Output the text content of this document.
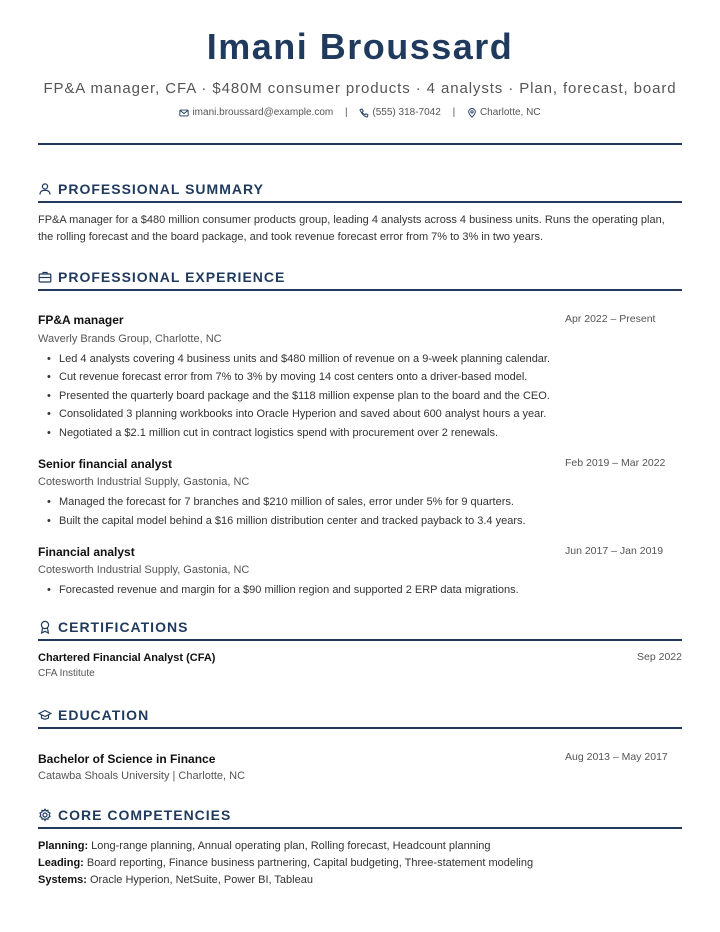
Imani Broussard
FP&A manager, CFA · $480M consumer products · 4 analysts · Plan, forecast, board
imani.broussard@example.com | (555) 318-7042 | Charlotte, NC
PROFESSIONAL SUMMARY
FP&A manager for a $480 million consumer products group, leading 4 analysts across 4 business units. Runs the operating plan, the rolling forecast and the board package, and took revenue forecast error from 7% to 3% in two years.
PROFESSIONAL EXPERIENCE
FP&A manager	Apr 2022 – Present
Waverly Brands Group, Charlotte, NC
• Led 4 analysts covering 4 business units and $480 million of revenue on a 9-week planning calendar.
• Cut revenue forecast error from 7% to 3% by moving 14 cost centers onto a driver-based model.
• Presented the quarterly board package and the $118 million expense plan to the board and the CEO.
• Consolidated 3 planning workbooks into Oracle Hyperion and saved about 600 analyst hours a year.
• Negotiated a $2.1 million cut in contract logistics spend with procurement over 2 renewals.
Senior financial analyst	Feb 2019 – Mar 2022
Cotesworth Industrial Supply, Gastonia, NC
• Managed the forecast for 7 branches and $210 million of sales, error under 5% for 9 quarters.
• Built the capital model behind a $16 million distribution center and tracked payback to 3.4 years.
Financial analyst	Jun 2017 – Jan 2019
Cotesworth Industrial Supply, Gastonia, NC
• Forecasted revenue and margin for a $90 million region and supported 2 ERP data migrations.
CERTIFICATIONS
Chartered Financial Analyst (CFA)	Sep 2022
CFA Institute
EDUCATION
Bachelor of Science in Finance	Aug 2013 – May 2017
Catawba Shoals University | Charlotte, NC
CORE COMPETENCIES
Planning: Long-range planning, Annual operating plan, Rolling forecast, Headcount planning
Leading: Board reporting, Finance business partnering, Capital budgeting, Three-statement modeling
Systems: Oracle Hyperion, NetSuite, Power BI, Tableau
